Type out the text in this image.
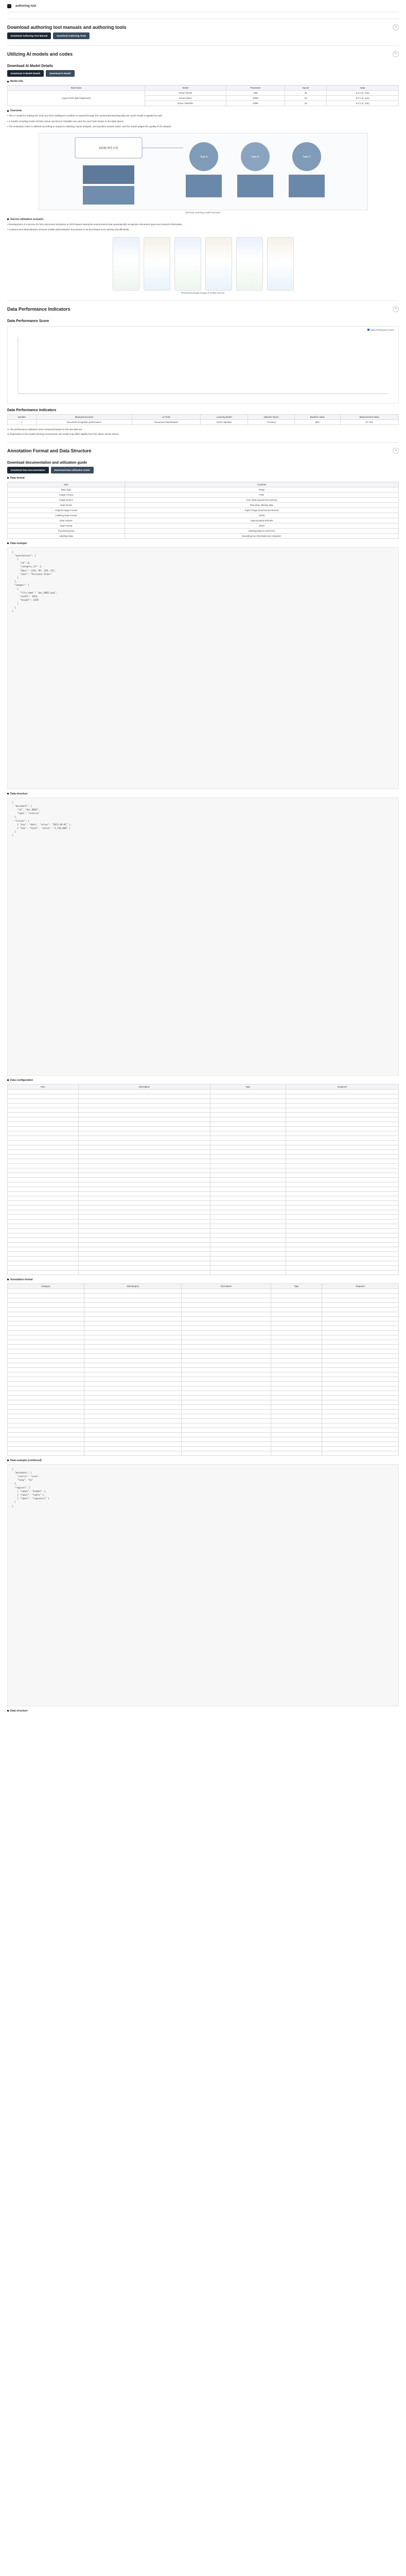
authoring tool
Download authoring tool manuals and authoring tools	˄
Download Authoring Tool Manual	Download Authoring Tools
Utilizing AI models and codes	˄
Download AI Model Details
Download AI Model Details	Download AI Model
Model Info
Task Name	Model	Parameter	Epoch	Data
Layout OCR (Bert-Alignment)	Faster RCNN	43M	30	8:1:1 (tr, vl,ts)
	Donut (Swin)	200M	30	8:1:1 (tr, vl,ts)
	Donut Classifier	200M	20	8:1:1 (tr, vl,ts)
Overview

• The AI model for solving the OCR and form intelligence problem is trained through the constructed learning data set. Each model is applied by task.

• 4 models including Faster RCNN, Donut and Donut Classifier are used for each task shown in the table above.

• The evaluation index is defined according to sequence labeling, layout analysis, and question-answer tasks, and the model judges the quality of the dataset.

[OCR] 해결 모델
Task A	Task B	Task C
[Picture] Learning model structure
Service utilization scenario

• Development of a service for form document extraction in OCR-based enterprise environments that automatically recognizes document types and extracts information.

• Customs and administrative services enable administrative documents to be processed more quickly and efficiently.

[Picture] Example image of mobile service
Data Performance Indicators	˄
Data Performance Score
Data Performance Score
Data Performance Indicators
Number	Measurement Item	AI TASK	Learning Model	Indicator Name	Baseline Value	Measurement Value
1	Document recognition performance	Document Classification	Donut classifier	Accuracy	90%	97.74%

※ The performance indicators were measured based on the test data set.

※ Depending on the model learning environment, the results may differ slightly from the values shown above.

Annotation Format and Data Structure	˄
Download documentation and utilization guide
Download Data Documentation	Download Data Utilization Guide
Data format
Item	Contents
Data Type	Image
Image Format	PNG
Image Source	Form data acquired for learning
Data format	Raw data, labeling data
Original Image Format	Paper image (Scanned document)
Labeling Data Format	JSON
Data Volume	Approximately 500,000
Data Format	JSON
Processing Data	Labeling data for each form
Labeling Data	Bounding box information per character
Data example
{
"annotations": [
{
"id": 0,
"category_id": 1,
"bbox": [120, 85, 210, 32],
"text": "Purchase Order"
}
],
"images": [
{
"file_name": "doc_0001.png",
"width": 1654,
"height": 2339
}
]
}
Data structure
{
"document": {
"id": "doc_0001",
"type": "invoice"
},
"fields": [
{ "key": "date", "value": "2021-09-01" },
{ "key": "total", "value": "1,250,000" }
]
}
Data configuration
Item	Description	Type	Required

Annotation format
Category	Subcategory	Description	Type	Required

Data example (continued)
{
"metadata": {
"source": "scan",
"lang": "ko"
},
"regions": [
{ "label": "header" },
{ "label": "table" },
{ "label": "signature" }
]
}
Data structure
